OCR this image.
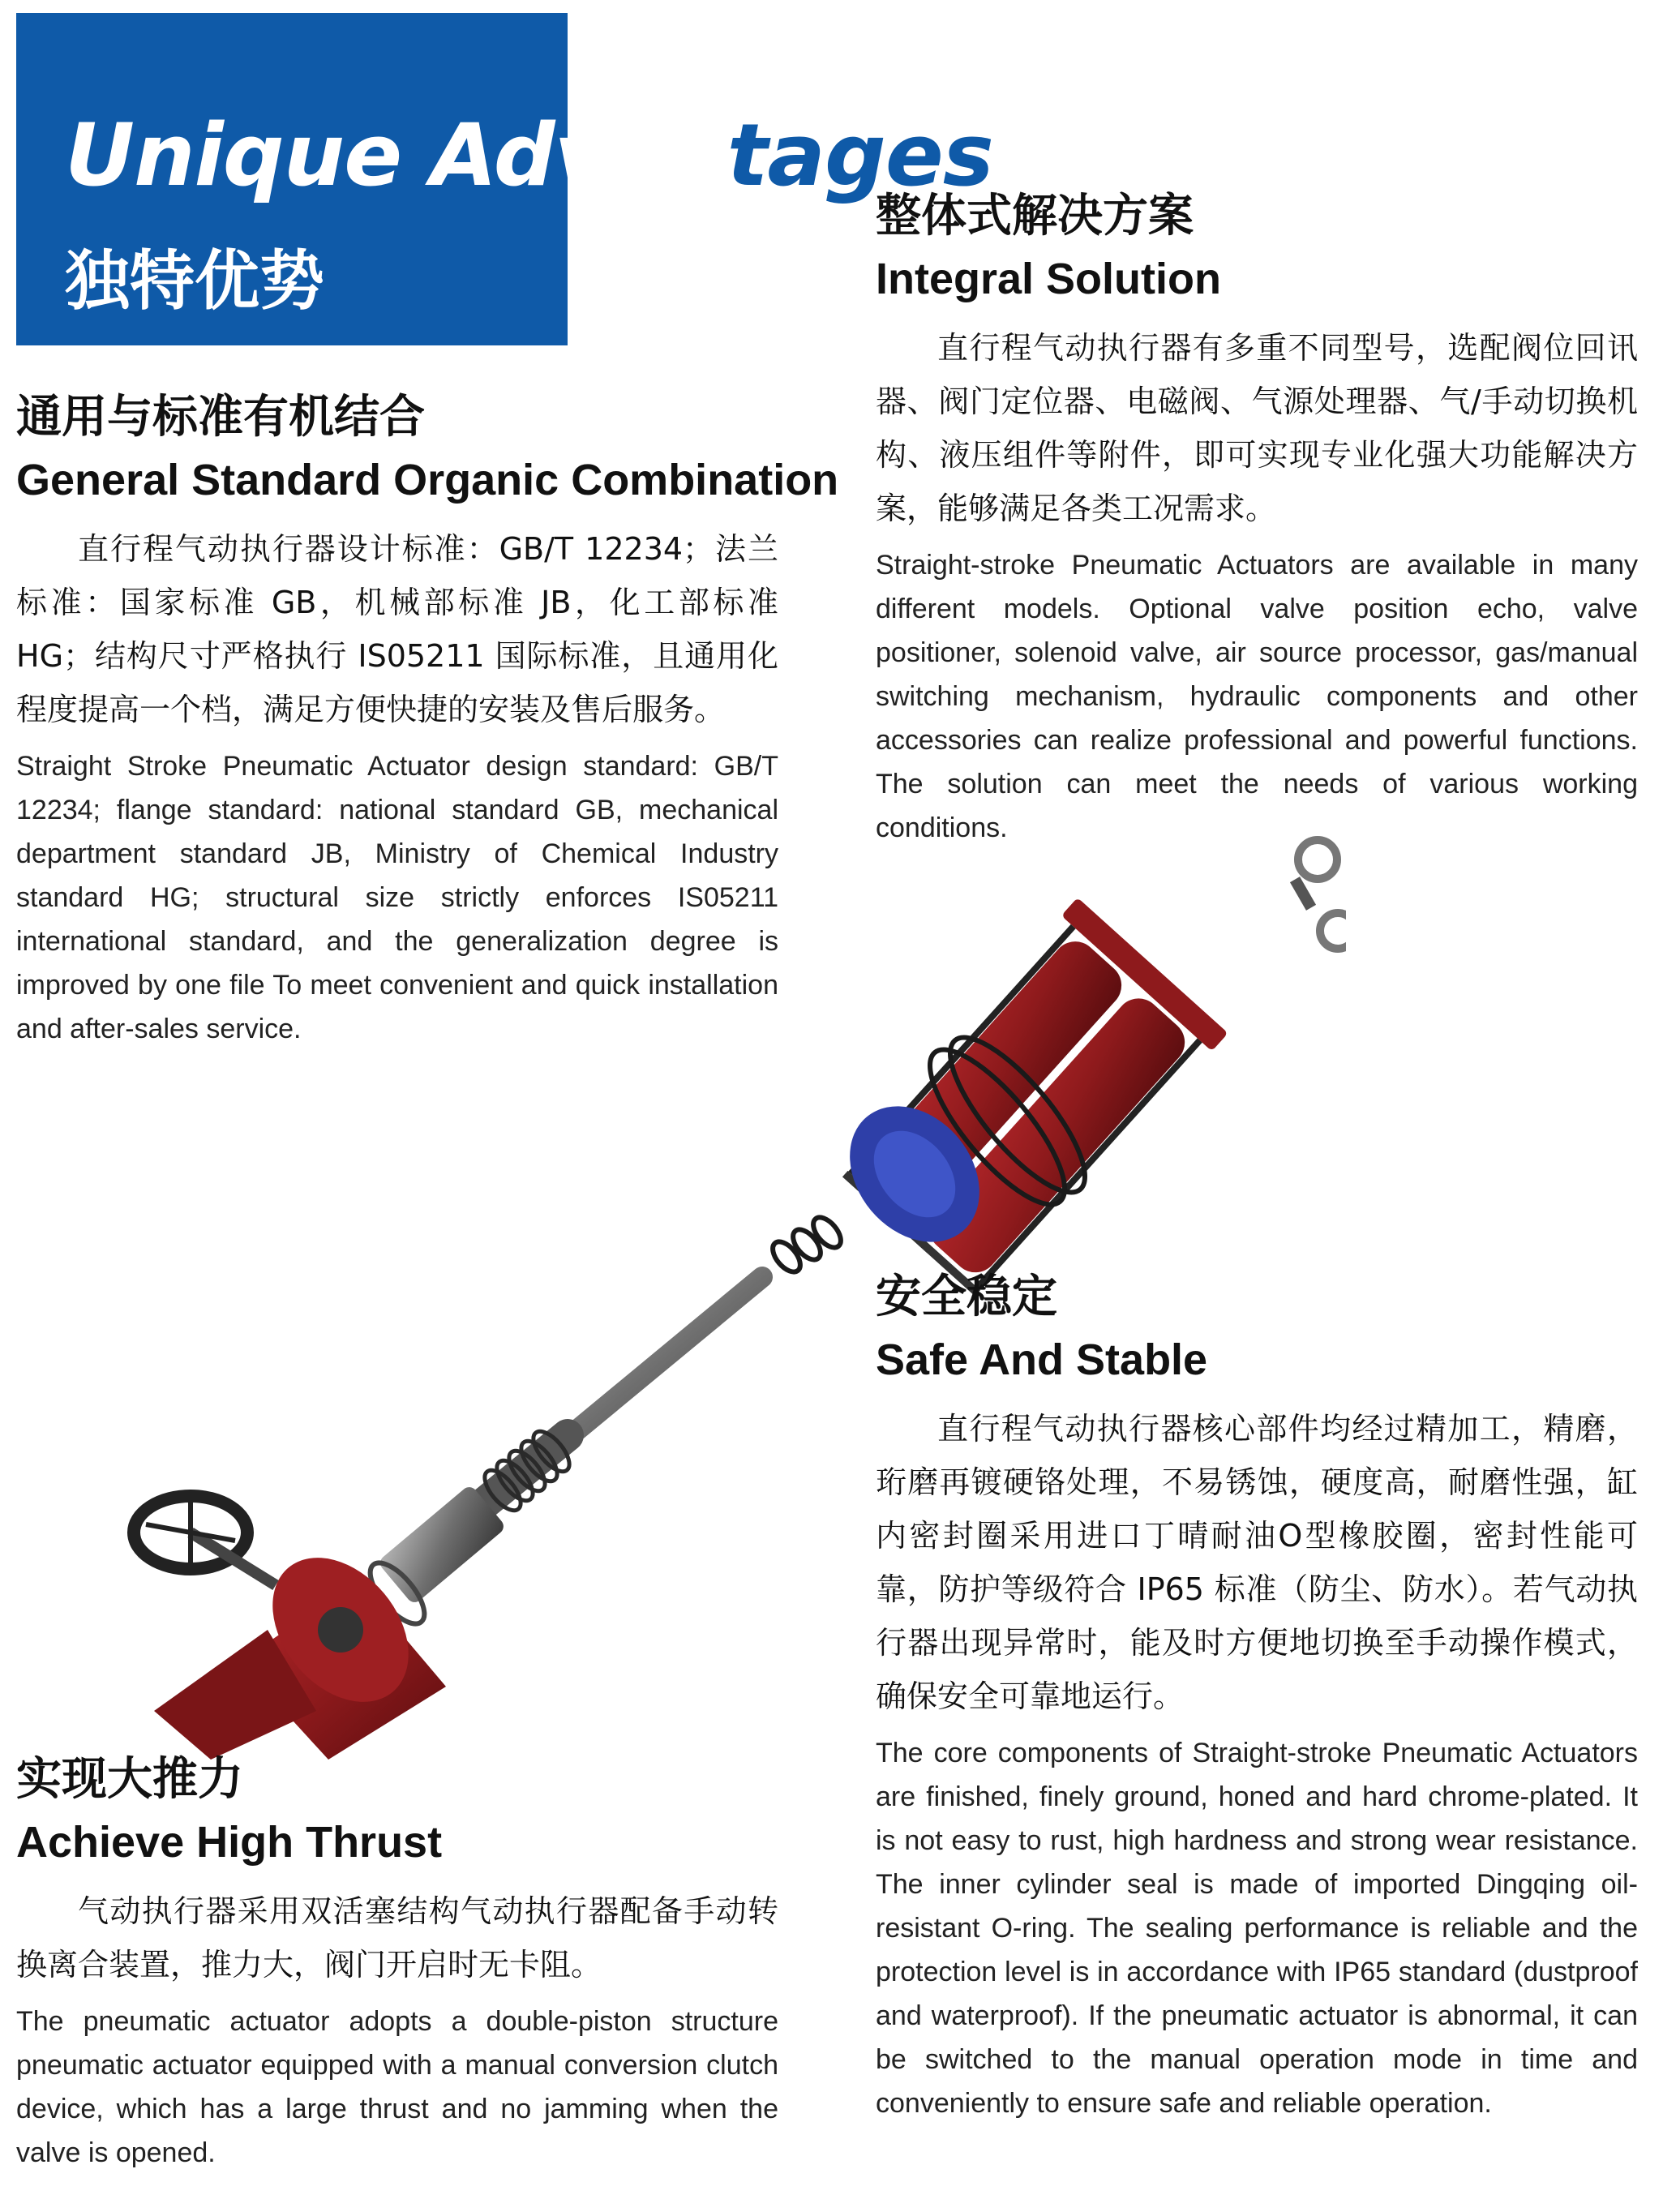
Unique Advantages
独特优势
通用与标准有机结合
General Standard Organic Combination

直行程气动执行器设计标准：GB/T 12234；法兰标准：国家标准 GB，机械部标准 JB，化工部标准 HG；结构尺寸严格执行 IS05211 国际标准，且通用化程度提高一个档，满足方便快捷的安装及售后服务。

Straight Stroke Pneumatic Actuator design standard: GB/T 12234; flange standard: national standard GB, mechanical department standard JB, Ministry of Chemical Industry standard HG; structural size strictly enforces IS05211 international standard, and the generalization degree is improved by one file To meet convenient and quick installation and after-sales service.

整体式解决方案
Integral Solution

直行程气动执行器有多重不同型号，选配阀位回讯器、阀门定位器、电磁阀、气源处理器、气/手动切换机构、液压组件等附件，即可实现专业化强大功能解决方案，能够满足各类工况需求。

Straight-stroke Pneumatic Actuators are available in many different models. Optional valve position echo, valve positioner, solenoid valve, air source processor, gas/manual switching mechanism, hydraulic components and other accessories can realize professional and powerful functions. The solution can meet the needs of various working conditions.

安全稳定
Safe And Stable

直行程气动执行器核心部件均经过精加工，精磨，珩磨再镀硬铬处理，不易锈蚀，硬度高，耐磨性强，缸内密封圈采用进口丁晴耐油O型橡胶圈，密封性能可靠，防护等级符合 IP65 标准（防尘、防水）。若气动执行器出现异常时，能及时方便地切换至手动操作模式，确保安全可靠地运行。

The core components of Straight-stroke Pneumatic Actuators are finished, finely ground, honed and hard chrome-plated. It is not easy to rust, high hardness and strong wear resistance. The inner cylinder seal is made of imported Dingqing oil-resistant O-ring. The sealing performance is reliable and the protection level is in accordance with IP65 standard (dustproof and waterproof). If the pneumatic actuator is abnormal, it can be switched to the manual operation mode in time and conveniently to ensure safe and reliable operation.

实现大推力
Achieve High Thrust

气动执行器采用双活塞结构气动执行器配备手动转换离合装置，推力大，阀门开启时无卡阻。

The pneumatic actuator adopts a double-piston structure pneumatic actuator equipped with a manual conversion clutch device, which has a large thrust and no jamming when the valve is opened.
